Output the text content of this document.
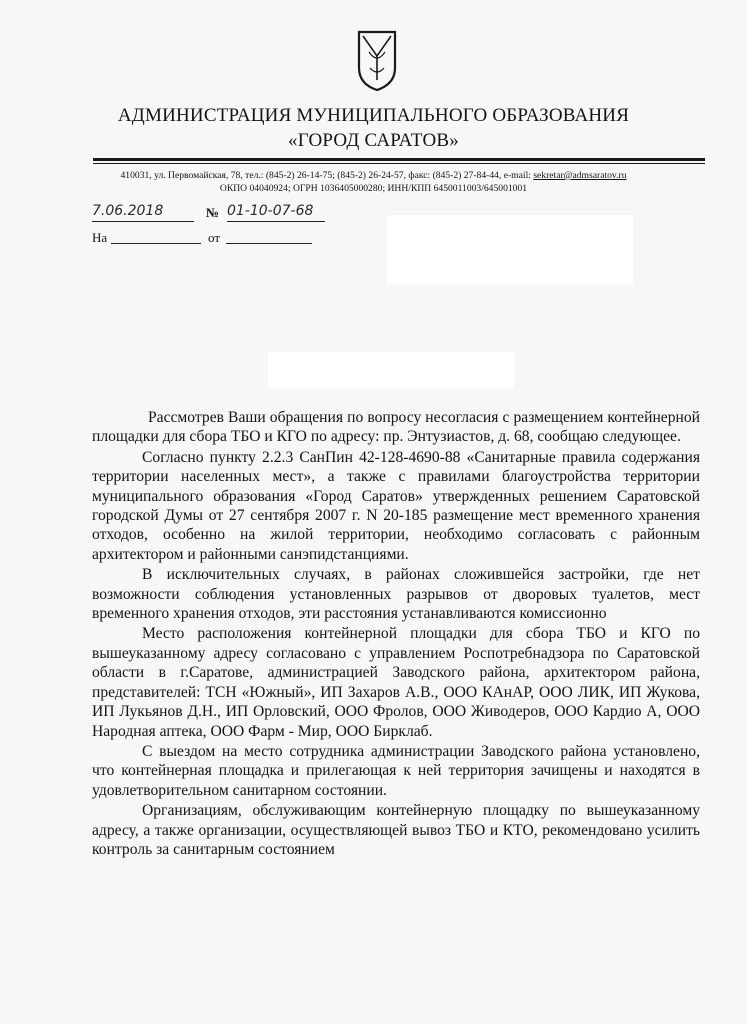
АДМИНИСТРАЦИЯ МУНИЦИПАЛЬНОГО ОБРАЗОВАНИЯ
«ГОРОД САРАТОВ»
410031, ул. Первомайская, 78, тел.: (845-2) 26-14-75; (845-2) 26-24-57, факс: (845-2) 27-84-44, e-mail: sekretar@admsaratov.ru
ОКПО 04040924; ОГРН 1036405000280; ИНН/КПП 6450011003/645001001
7.06.2018	№ 01-10-07-68
На	от

Рассмотрев Ваши обращения по вопросу несогласия с размещением контейнерной площадки для сбора ТБО и КГО по адресу: пр. Энтузиастов, д. 68, сообщаю следующее.

Согласно пункту 2.2.3 СанПин 42-128-4690-88 «Санитарные правила содержания территории населенных мест», а также с правилами благоустройства территории муниципального образования «Город Саратов» утвержденных решением Саратовской городской Думы от 27 сентября 2007 г. N 20-185 размещение мест временного хранения отходов, особенно на жилой территории, необходимо согласовать с районным архитектором и районными санэпидстанциями.

В исключительных случаях, в районах сложившейся застройки, где нет возможности соблюдения установленных разрывов от дворовых туалетов, мест временного хранения отходов, эти расстояния устанавливаются комиссионно

Место расположения контейнерной площадки для сбора ТБО и КГО по вышеуказанному адресу согласовано с управлением Роспотребнадзора по Саратовской области в г.Саратове, администрацией Заводского района, архитектором района, представителей: ТСН «Южный», ИП Захаров А.В., ООО КАнАР, ООО ЛИК, ИП Жукова, ИП Лукьянов Д.Н., ИП Орловский, ООО Фролов, ООО Живодеров, ООО Кардио А, ООО Народная аптека, ООО Фарм - Мир, ООО Бирклаб.

С выездом на место сотрудника администрации Заводского района установлено, что контейнерная площадка и прилегающая к ней территория зачищены и находятся в удовлетворительном санитарном состоянии.

Организациям, обслуживающим контейнерную площадку по вышеуказанному адресу, а также организации, осуществляющей вывоз ТБО и КТО, рекомендовано усилить контроль за санитарным состоянием
